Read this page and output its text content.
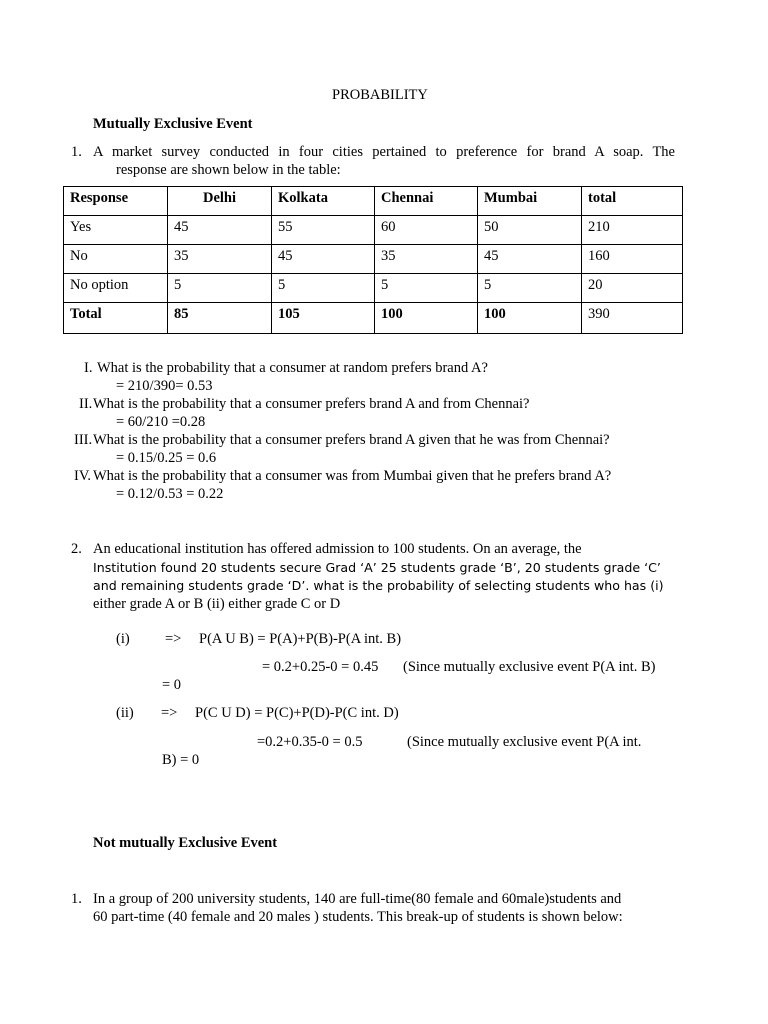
PROBABILITY
Mutually Exclusive Event
1. A market survey conducted in four cities pertained to preference for brand A soap. The
response are shown below in the table:
Response	Delhi	Kolkata	Chennai	Mumbai	total
Yes	45	55	60	50	210
No	35	45	35	45	160
No option	5	5	5	5	20
Total	85	105	100	100	390
I. What is the probability that a consumer at random prefers brand A?
= 210/390= 0.53
II. What is the probability that a consumer prefers brand A and from Chennai?
= 60/210 =0.28
III. What is the probability that a consumer prefers brand A given that he was from Chennai?
= 0.15/0.25 = 0.6
IV. What is the probability that a consumer was from Mumbai given that he prefers brand A?
= 0.12/0.53 = 0.22
2. An educational institution has offered admission to 100 students. On an average, the
Institution found 20 students secure Grad ‘A’ 25 students grade ‘B’, 20 students grade ‘C’
and remaining students grade ‘D’. what is the probability of selecting students who has (i)
either grade A or B (ii) either grade C or D
(i) => P(A U B) = P(A)+P(B)-P(A int. B)
= 0.2+0.25-0 = 0.45 (Since mutually exclusive event P(A int. B)
= 0
(ii) => P(C U D) = P(C)+P(D)-P(C int. D)
=0.2+0.35-0 = 0.5	(Since mutually exclusive event P(A int.
B) = 0
Not mutually Exclusive Event
1. In a group of 200 university students, 140 are full-time(80 female and 60male)students and
60 part-time (40 female and 20 males ) students. This break-up of students is shown below:
